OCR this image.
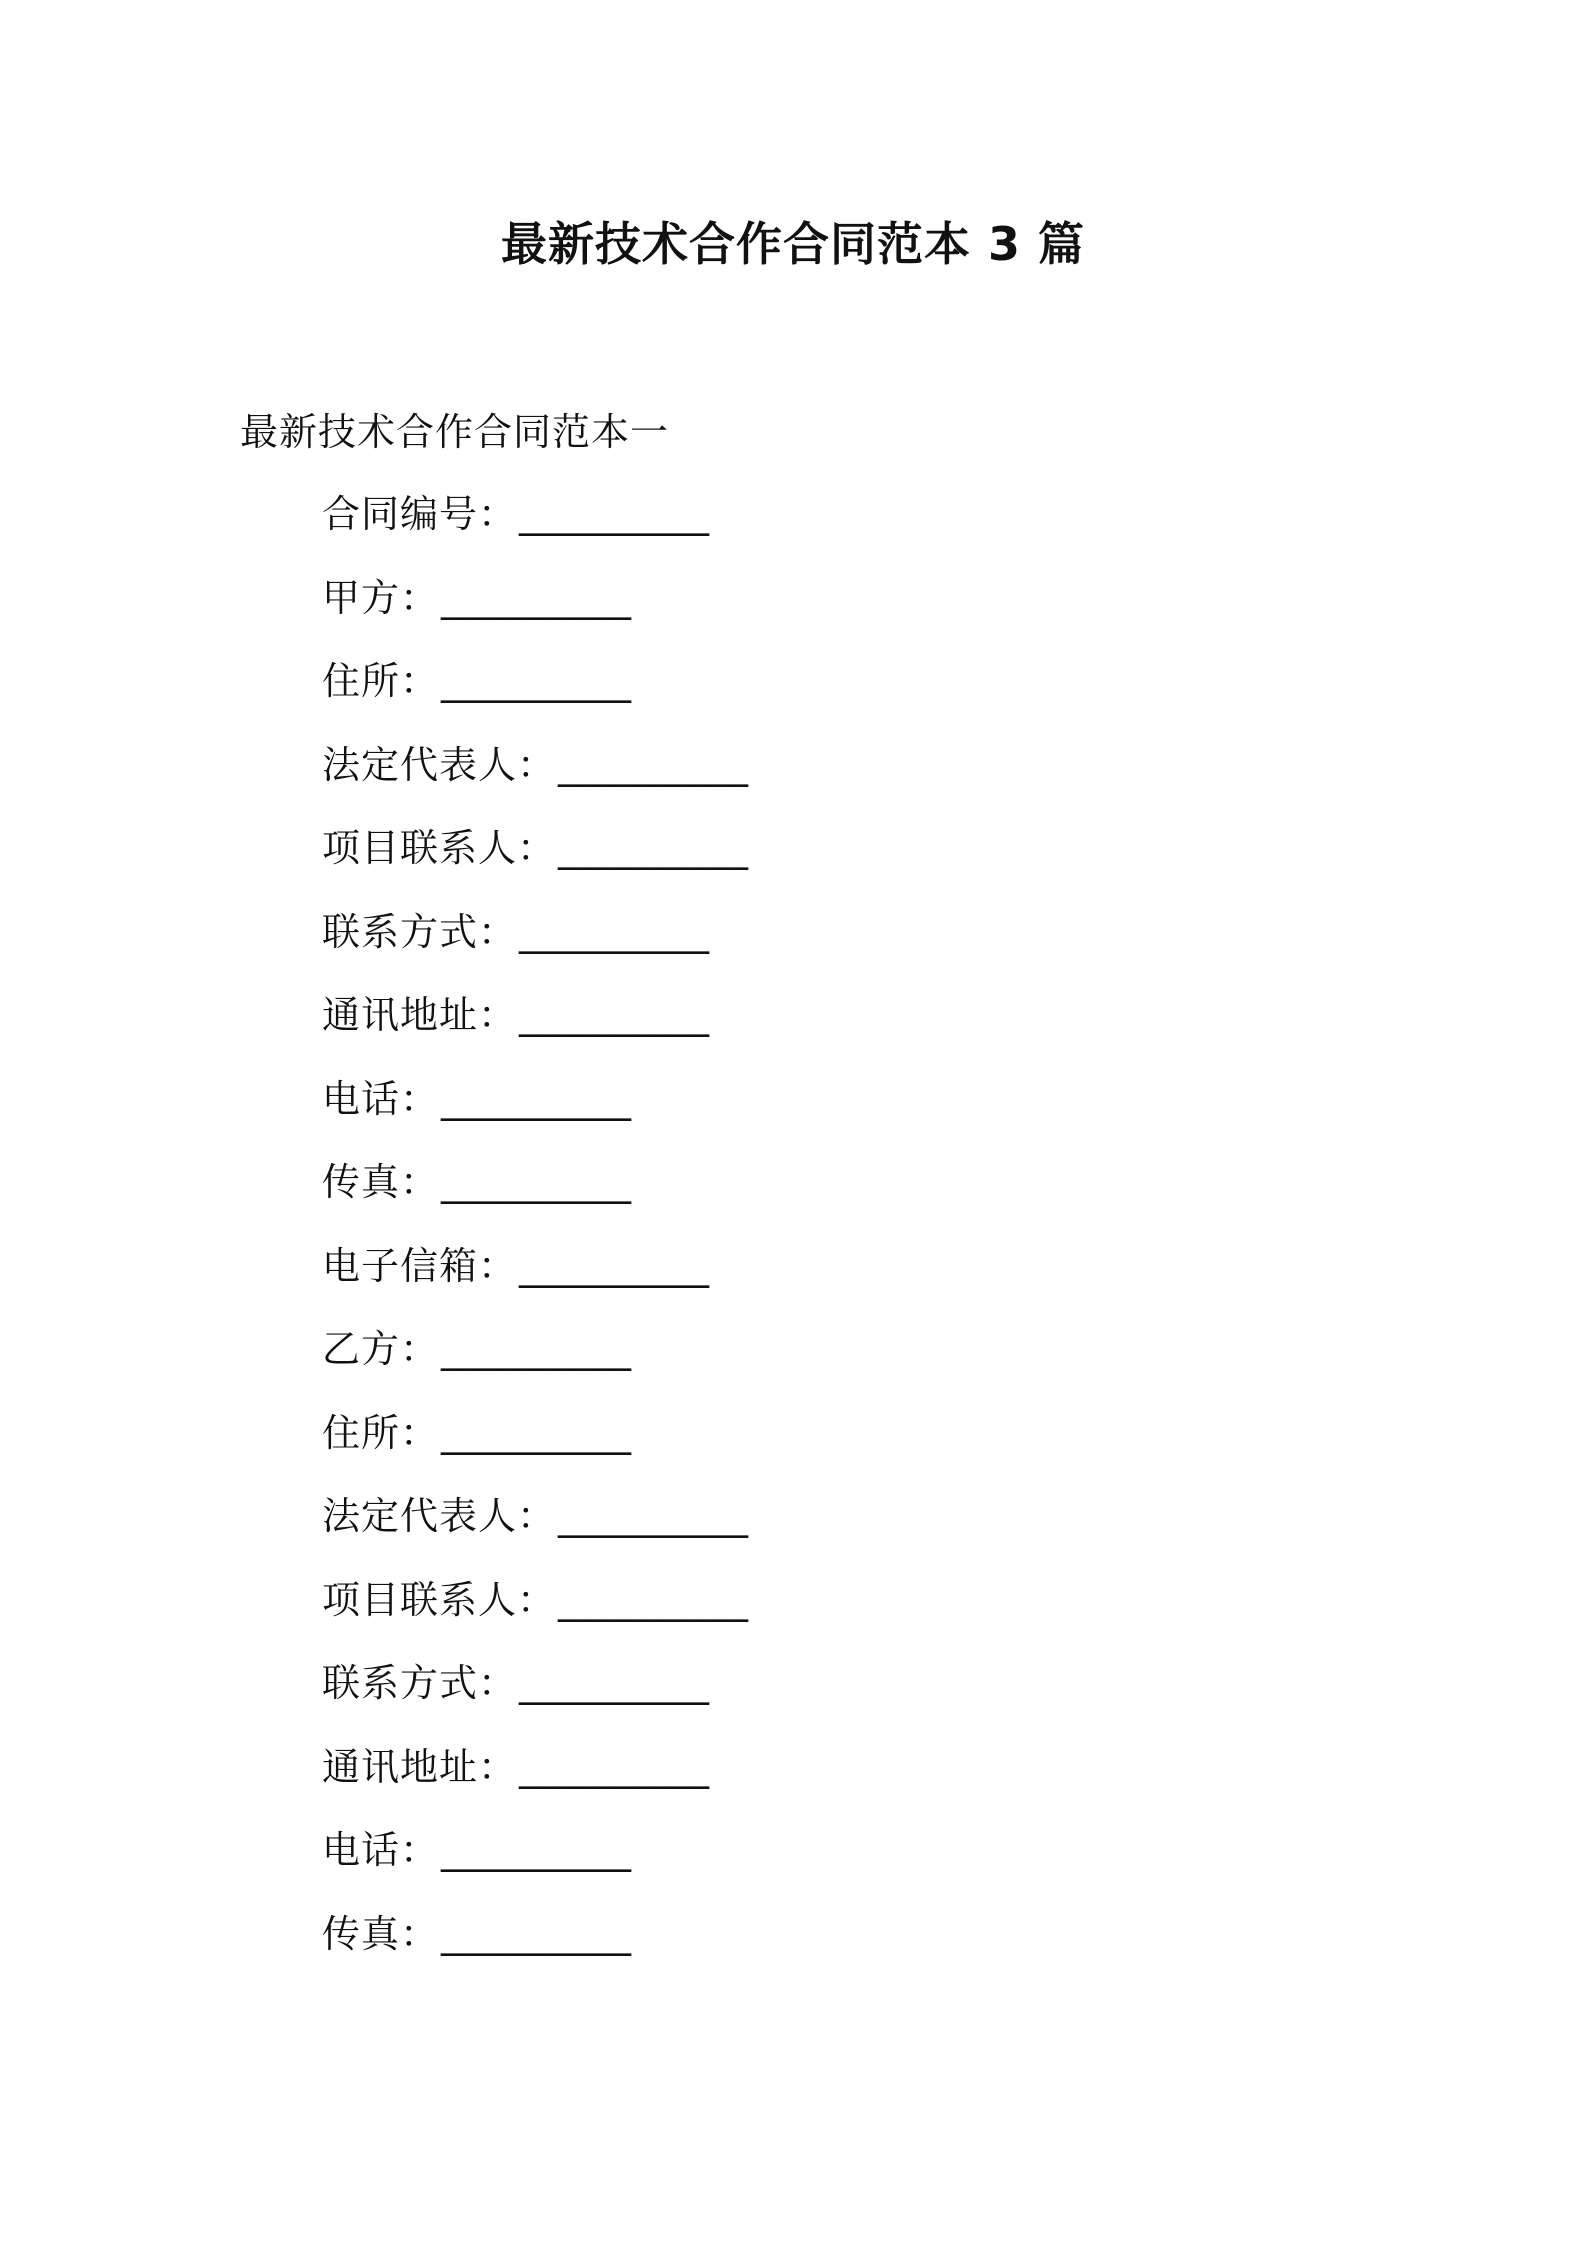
最新技术合作合同范本 3 篇
最新技术合作合同范本一
合同编号： __________
甲方： __________
住所： __________
法定代表人： __________
项目联系人： __________
联系方式： __________
通讯地址： __________
电话： __________
传真： __________
电子信箱： __________
乙方： __________
住所： __________
法定代表人： __________
项目联系人： __________
联系方式： __________
通讯地址： __________
电话： __________
传真： __________
